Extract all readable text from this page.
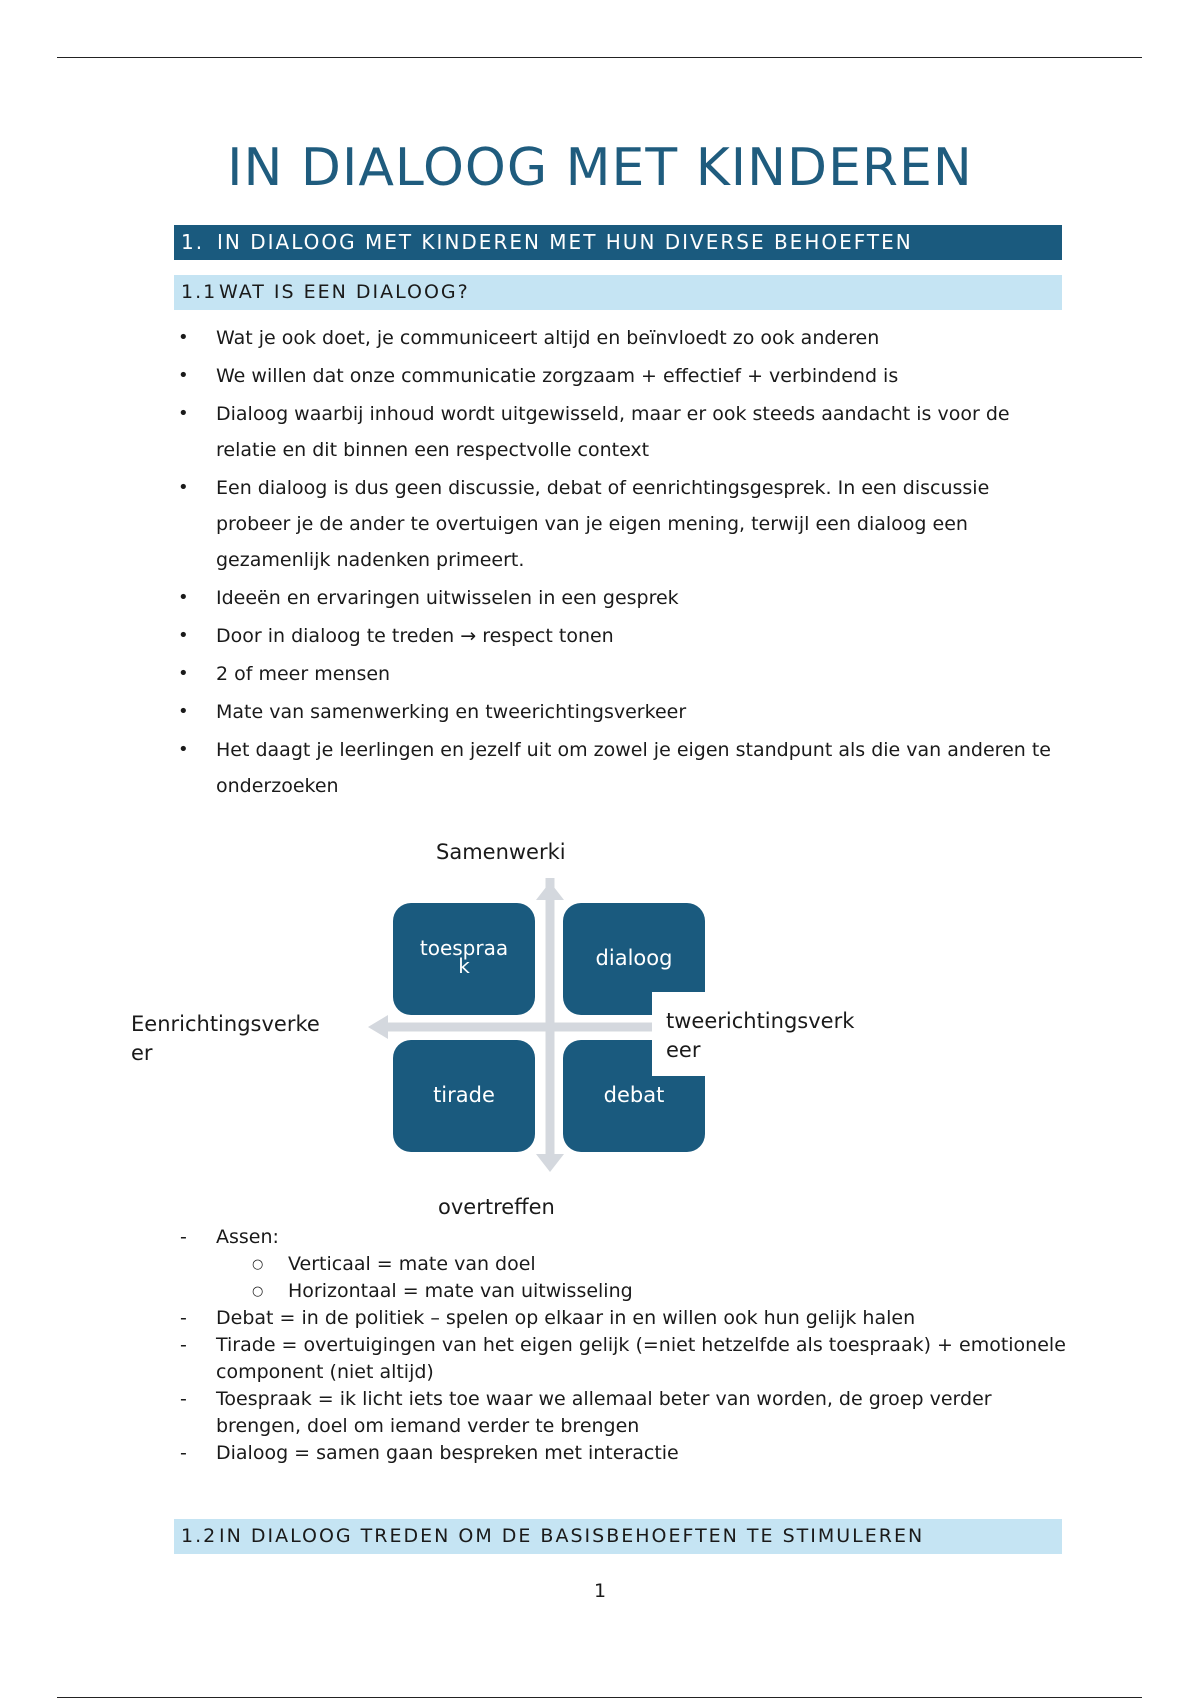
IN DIALOOG MET KINDEREN
1. IN DIALOOG MET KINDEREN MET HUN DIVERSE BEHOEFTEN
1.1WAT IS EEN DIALOOG?
• Wat je ook doet, je communiceert altijd en beïnvloedt zo ook anderen
• We willen dat onze communicatie zorgzaam + effectief + verbindend is
• Dialoog waarbij inhoud wordt uitgewisseld, maar er ook steeds aandacht is voor de relatie en dit binnen een respectvolle context
• Een dialoog is dus geen discussie, debat of eenrichtingsgesprek. In een discussie probeer je de ander te overtuigen van je eigen mening, terwijl een dialoog een gezamenlijk nadenken primeert.
• Ideeën en ervaringen uitwisselen in een gesprek
• Door in dialoog te treden → respect tonen
• 2 of meer mensen
• Mate van samenwerking en tweerichtingsverkeer
• Het daagt je leerlingen en jezelf uit om zowel je eigen standpunt als die van anderen te onderzoeken
toespraa
k	dialoog
tirade	debat
Samenwerki
overtreffen
Eenrichtingsverke
er
tweerichtingsverk
eer
- Assen:
○ Verticaal = mate van doel
○ Horizontaal = mate van uitwisseling
- Debat = in de politiek – spelen op elkaar in en willen ook hun gelijk halen
- Tirade = overtuigingen van het eigen gelijk (=niet hetzelfde als toespraak) + emotionele component (niet altijd)
- Toespraak = ik licht iets toe waar we allemaal beter van worden, de groep verder brengen, doel om iemand verder te brengen
- Dialoog = samen gaan bespreken met interactie
1.2IN DIALOOG TREDEN OM DE BASISBEHOEFTEN TE STIMULEREN
1
